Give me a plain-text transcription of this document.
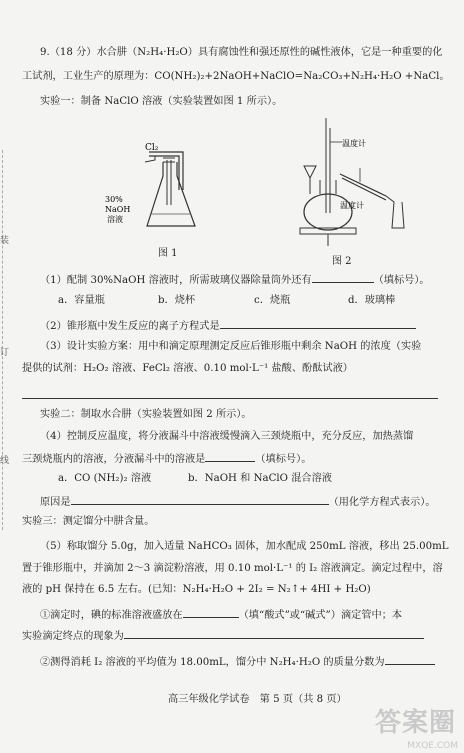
装
订
线
9.（18 分）水合肼（N₂H₄·H₂O）具有腐蚀性和强还原性的碱性液体，它是一种重要的化
工试剂，工业生产的原理为：CO(NH₂)₂+2NaOH+NaClO=Na₂CO₃+N₂H₄·H₂O +NaCl。
实验一：制备 NaClO 溶液（实验装置如图 1 所示）。
Cl₂
30%
NaOH
溶液
图 1
温度计
温度计
图 2
（1）配制 30%NaOH 溶液时，所需玻璃仪器除量筒外还有	（填标号）。
a．容量瓶	b．烧杯	c．烧瓶	d．玻璃棒
（2）锥形瓶中发生反应的离子方程式是
（3）设计实验方案：用中和滴定原理测定反应后锥形瓶中剩余 NaOH 的浓度（实验
提供的试剂：H₂O₂ 溶液、FeCl₂ 溶液、0.10 mol·L⁻¹ 盐酸、酚酞试液）
实验二：制取水合肼（实验装置如图 2 所示）。
（4）控制反应温度，将分液漏斗中溶液缓慢滴入三颈烧瓶中，充分反应，加热蒸馏
三颈烧瓶内的溶液，分液漏斗中的溶液是	（填标号）。
a．CO (NH₂)₂ 溶液	b．NaOH 和 NaClO 混合溶液
原因是	（用化学方程式表示）。
实验三：测定馏分中肼含量。
（5）称取馏分 5.0g，加入适量 NaHCO₃ 固体，加水配成 250mL 溶液，移出 25.00mL
置于锥形瓶中，并滴加 2～3 滴淀粉溶液，用 0.10 mol·L⁻¹ 的 I₂ 溶液滴定。滴定过程中，溶
液的 pH 保持在 6.5 左右。(已知：N₂H₄·H₂O + 2I₂ = N₂↑+ 4HI + H₂O)
①滴定时，碘的标准溶液盛放在	（填“酸式”或“碱式”）滴定管中；本
实验滴定终点的现象为
②测得消耗 I₂ 溶液的平均值为 18.00mL，馏分中 N₂H₄·H₂O 的质量分数为
高三年级化学试卷　第 5 页（共 8 页）
答案圈
MXQE.COM
